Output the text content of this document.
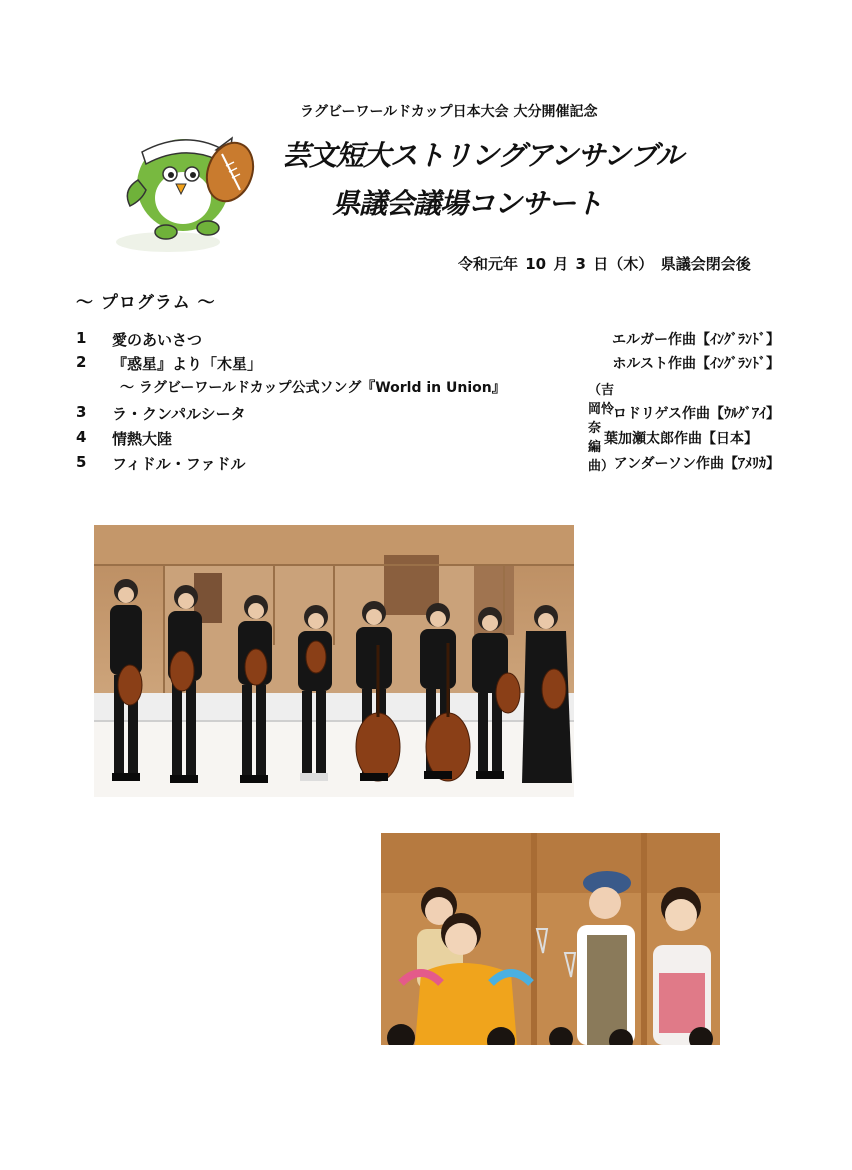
ラグビーワールドカップ日本大会 大分開催記念
芸文短大ストリングアンサンブル
県議会議場コンサート
令和元年 10 月 3 日（木）　県議会閉会後
～ プログラム ～
1 愛のあいさつ	エルガー作曲【ｲﾝｸﾞﾗﾝﾄﾞ】
2 『惑星』より「木星」	ホルスト作曲【ｲﾝｸﾞﾗﾝﾄﾞ】
～ ラグビーワールドカップ公式ソング『World in Union』	（吉岡怜奈 編曲）
3 ラ・クンパルシータ	ロドリゲス作曲【ｳﾙｸﾞｱｲ】
4 情熱大陸	葉加瀬太郎作曲【日本】
5 フィドル・ファドル	アンダーソン作曲【ｱﾒﾘｶ】
